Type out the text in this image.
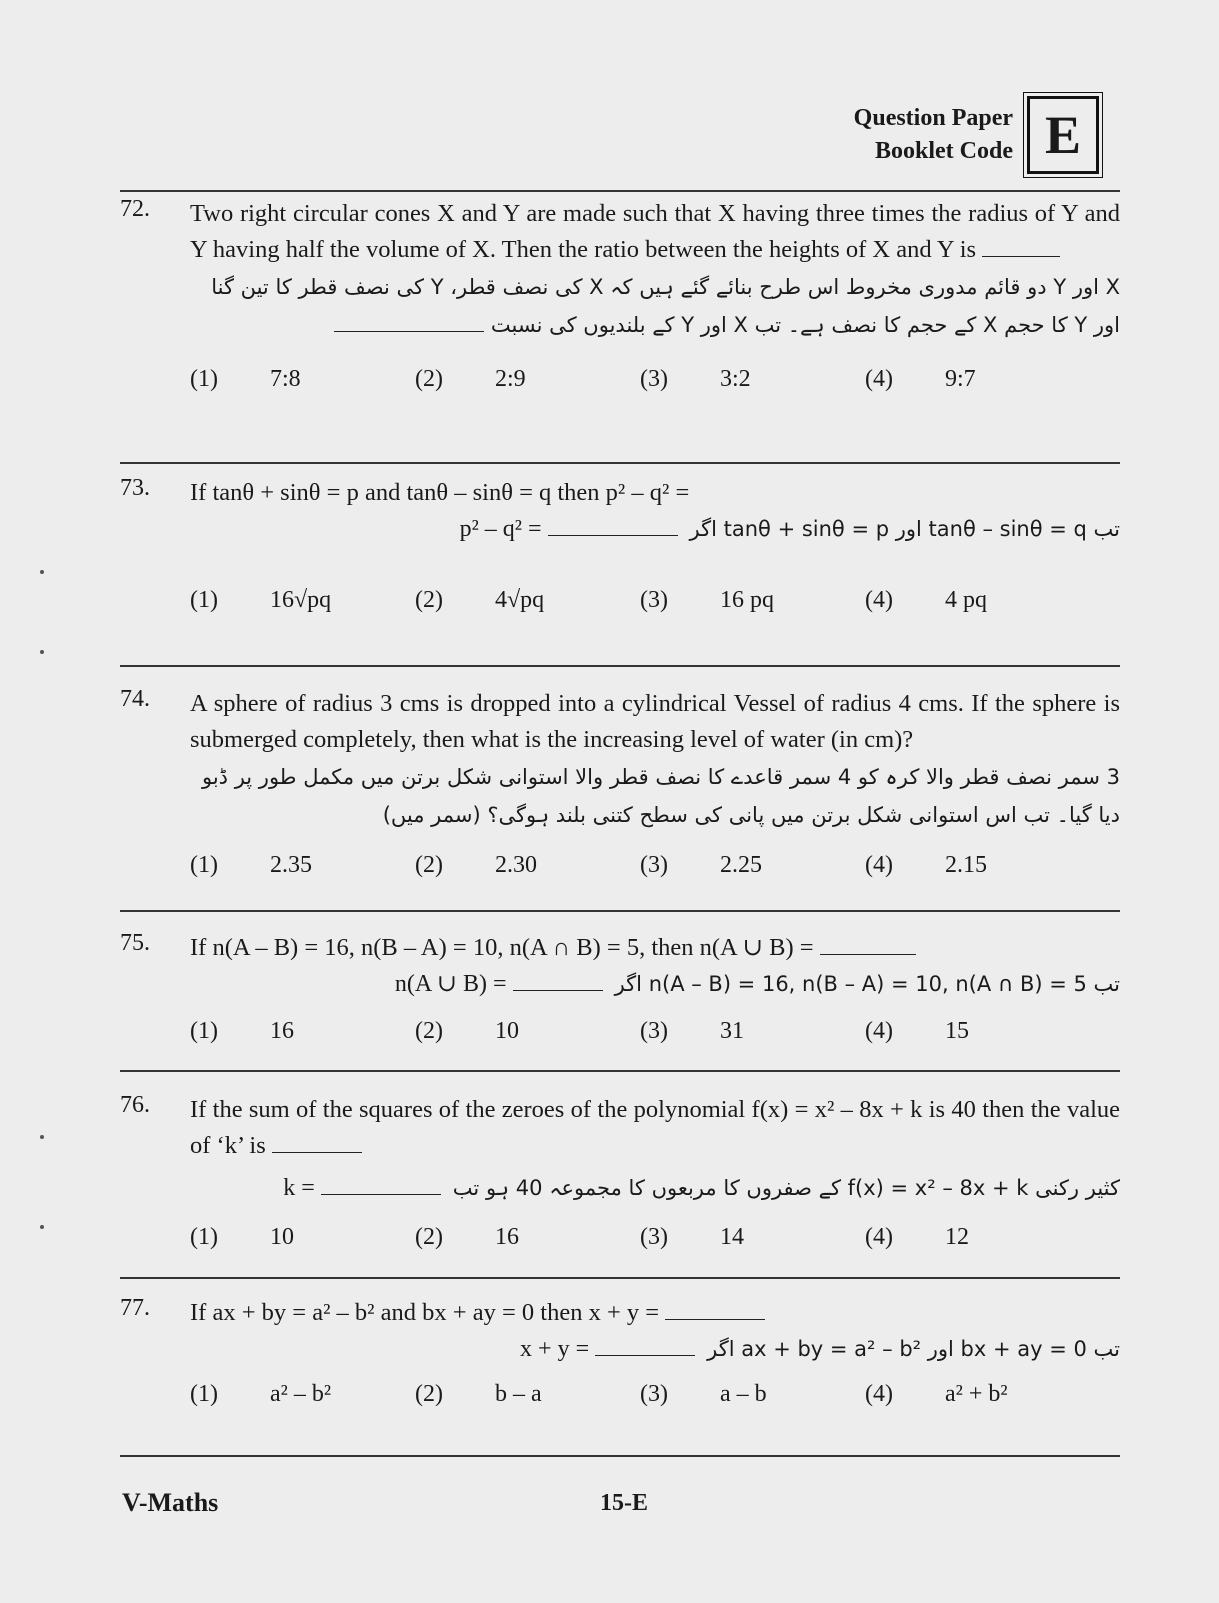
Question Paper
Booklet Code E
72. Two right circular cones X and Y are made such that X having three times the radius of Y and Y having half the volume of X. Then the ratio between the heights of X and Y is
X اور Y دو قائم مدوری مخروط اس طرح بنائے گئے ہیں کہ X کی نصف قطر، Y کی نصف قطر کا تین گنا اور Y کا حجم X کے حجم کا نصف ہے۔ تب X اور Y کے بلندیوں کی نسبت
(1)	7:8	(2)	2:9	(3)	3:2	(4)	9:7
73. If tanθ + sinθ = p and tanθ – sinθ = q then p² – q² =
p² – q² =	تب tanθ – sinθ = q اور tanθ + sinθ = p اگر
(1)	16√pq	(2)	4√pq	(3)	16 pq	(4)	4 pq
74. A sphere of radius 3 cms is dropped into a cylindrical Vessel of radius 4 cms. If the sphere is submerged completely, then what is the increasing level of water (in cm)?
3 سمر نصف قطر والا کرہ کو 4 سمر قاعدے کا نصف قطر والا استوانی شکل برتن میں مکمل طور پر ڈبو دیا گیا۔ تب اس استوانی شکل برتن میں پانی کی سطح کتنی بلند ہوگی؟ (سمر میں)
(1)	2.35	(2)	2.30	(3)	2.25	(4)	2.15
75. If n(A – B) = 16, n(B – A) = 10, n(A ∩ B) = 5, then n(A ∪ B) =
n(A ∪ B) =	تب n(A – B) = 16, n(B – A) = 10, n(A ∩ B) = 5 اگر
(1)	16	(2)	10	(3)	31	(4)	15
76. If the sum of the squares of the zeroes of the polynomial f(x) = x² – 8x + k is 40 then the value of ‘k’ is
k =	کثیر رکنی f(x) = x² – 8x + k کے صفروں کا مربعوں کا مجموعہ 40 ہو تب
(1)	10	(2)	16	(3)	14	(4)	12
77. If ax + by = a² – b² and bx + ay = 0 then x + y =
x + y =	تب bx + ay = 0 اور ax + by = a² – b² اگر
(1)	a² – b²	(2)	b – a	(3)	a – b	(4)	a² + b²
V-Maths	15-E
